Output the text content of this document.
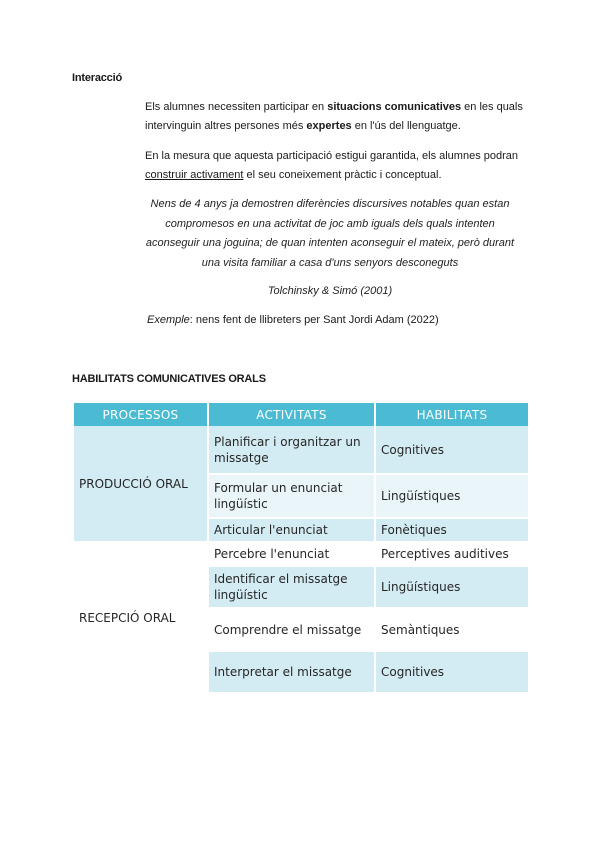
Interacció
Els alumnes necessiten participar en situacions comunicatives en les quals intervinguin altres persones més expertes en l'ús del llenguatge.
En la mesura que aquesta participació estigui garantida, els alumnes podran construir activament el seu coneixement pràctic i conceptual.
Nens de 4 anys ja demostren diferències discursives notables quan estan compromesos en una activitat de joc amb iguals dels quals intenten aconseguir una joguina; de quan intenten aconseguir el mateix, però durant una visita familiar a casa d'uns senyors desconeguts
Tolchinsky & Simó (2001)
Exemple: nens fent de llibreters per Sant Jordi Adam (2022)
HABILITATS COMUNICATIVES ORALS
PROCESSOS	ACTIVITATS	HABILITATS
PRODUCCIÓ ORAL	Planificar i organitzar un missatge	Cognitives
	Formular un enunciat lingüístic	Lingüístiques
	Articular l'enunciat	Fonètiques
RECEPCIÓ ORAL	Percebre l'enunciat	Perceptives auditives
	Identificar el missatge lingüístic	Lingüístiques
	Comprendre el missatge	Semàntiques
	Interpretar el missatge	Cognitives
